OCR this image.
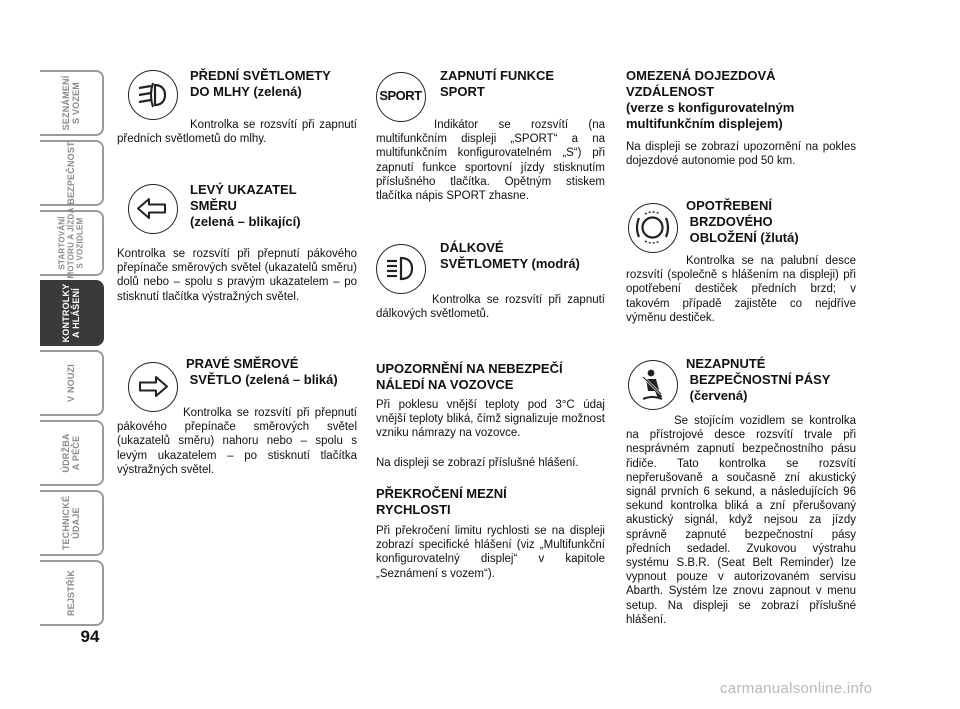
SEZNÁMENÍ
S VOZEM
BEZPEČNOST
STARTOVÁNÍ
MOTORU A JÍZDA
S VOZIDLEM
KONTROLKY
A HLÁŠENÍ
V NOUZI
ÚDRŽBA
A PÉČE
TECHNICKÉ
ÚDAJE
REJSTŘÍK
94
PŘEDNÍ SVĚTLOMETY
DO MLHY (zelená)
Kontrolka se rozsvítí při zapnutí předních světlometů do mlhy.
LEVÝ UKAZATEL
SMĚRU
(zelená – blikající)
Kontrolka se rozsvítí při přepnutí pákového přepínače směrových světel (ukazatelů směru) dolů nebo – spolu s pravým ukazatelem – po stisknutí tlačítka výstražných světel.
PRAVÉ SMĚROVÉ
SVĚTLO (zelená – bliká)
Kontrolka se rozsvítí při přepnutí pákového přepínače směrových světel (ukazatelů směru) nahoru nebo – spolu s levým ukazatelem – po stisknutí tlačítka výstražných světel.
SPORT
ZAPNUTÍ FUNKCE
SPORT
Indikátor se rozsvítí (na multifunkčním displeji „SPORT“ a na multifunkčním konfigurovatelném „S“) při zapnutí funkce sportovní jízdy stisknutím příslušného tlačítka. Opětným stiskem tlačítka nápis SPORT zhasne.
DÁLKOVÉ
SVĚTLOMETY (modrá)
Kontrolka se rozsvítí při zapnutí dálkových světlometů.
UPOZORNĚNÍ NA NEBEZPEČÍ
NÁLEDÍ NA VOZOVCE
Při poklesu vnější teploty pod 3°C údaj vnější teploty bliká, čímž signalizuje možnost vzniku námrazy na vozovce.
Na displeji se zobrazí příslušné hlášení.
PŘEKROČENÍ MEZNÍ
RYCHLOSTI
Při překročení limitu rychlosti se na displeji zobrazí specifické hlášení (viz „Multifunkční konfigurovatelný displej“ v kapitole „Seznámení s vozem“).
OMEZENÁ DOJEZDOVÁ
VZDÁLENOST
(verze s konfigurovatelným
multifunkčním displejem)
Na displeji se zobrazí upozornění na pokles dojezdové autonomie pod 50 km.
OPOTŘEBENÍ
BRZDOVÉHO
OBLOŽENÍ (žlutá)
Kontrolka se na palubní desce rozsvítí (společně s hlášením na displeji) při opotřebení destiček předních brzd; v takovém případě zajistěte co nejdříve výměnu destiček.
NEZAPNUTÉ
BEZPEČNOSTNÍ PÁSY
(červená)
Se stojícím vozidlem se kontrolka na přístrojové desce rozsvítí trvale při nesprávném zapnutí bezpečnostního pásu řidiče. Tato kontrolka se rozsvítí nepřerušovaně a současně zní akustický signál prvních 6 sekund, a následujících 96 sekund kontrolka bliká a zní přerušovaný akustický signál, když nejsou za jízdy správně zapnuté bezpečnostní pásy předních sedadel. Zvukovou výstrahu systému S.B.R. (Seat Belt Reminder) lze vypnout pouze v autorizovaném servisu Abarth. Systém lze znovu zapnout v menu setup. Na displeji se zobrazí příslušné hlášení.
carmanualsonline.info
